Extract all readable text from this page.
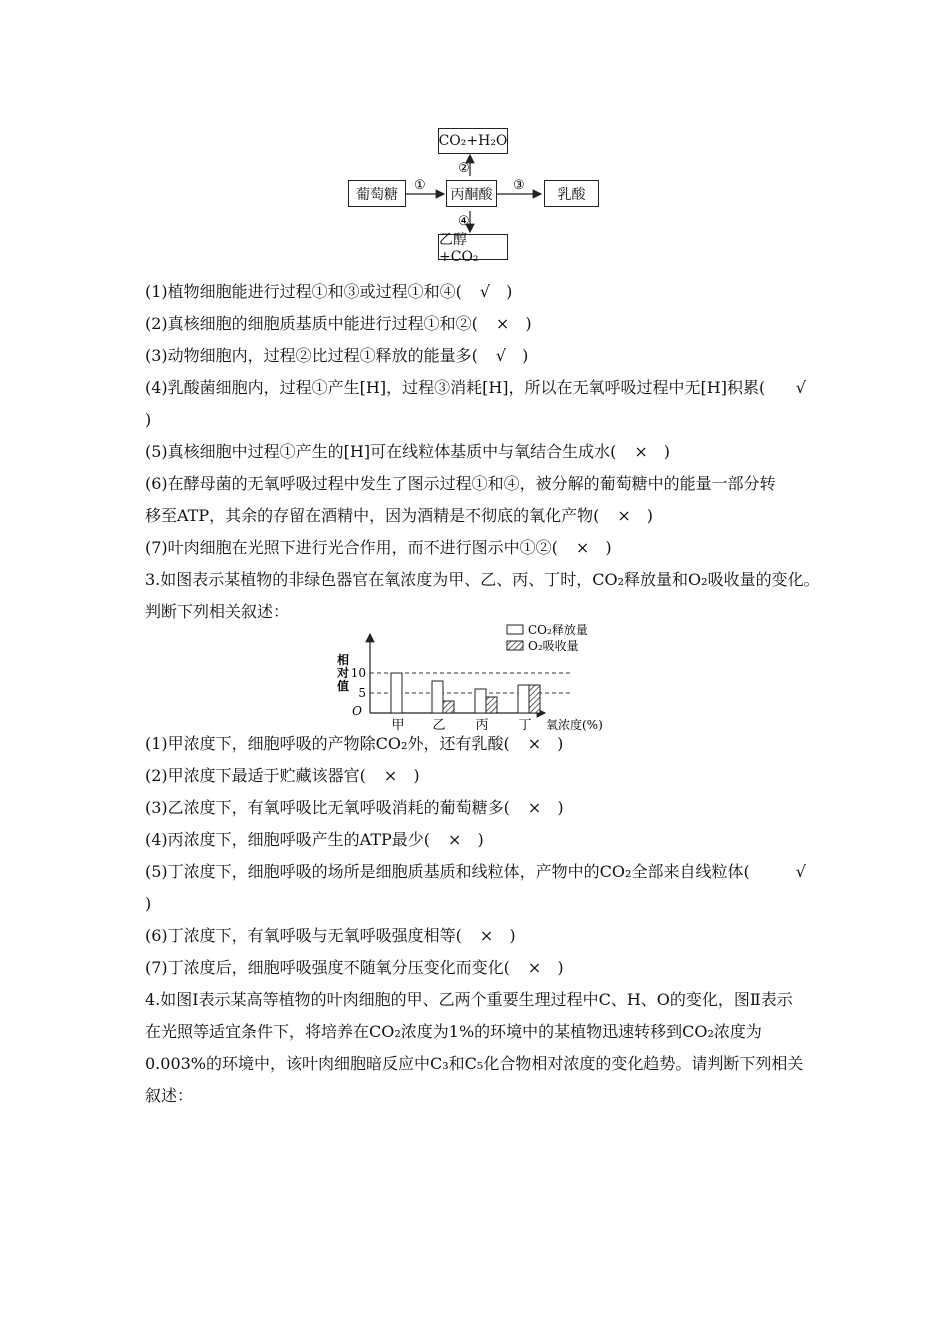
②
①	③
④
CO₂+H₂O
葡萄糖	丙酮酸	乳酸
乙醇 +CO₂
(1)植物细胞能进行过程①和③或过程①和④( √ )
(2)真核细胞的细胞质基质中能进行过程①和②( × )
(3)动物细胞内，过程②比过程①释放的能量多( √ )
(4)乳酸菌细胞内，过程①产生[H]，过程③消耗[H]，所以在无氧呼吸过程中无[H]积累( √
)
(5)真核细胞中过程①产生的[H]可在线粒体基质中与氧结合生成水( × )
(6)在酵母菌的无氧呼吸过程中发生了图示过程①和④，被分解的葡萄糖中的能量一部分转
移至ATP，其余的存留在酒精中，因为酒精是不彻底的氧化产物( × )
(7)叶肉细胞在光照下进行光合作用，而不进行图示中①②( × )
3.如图表示某植物的非绿色器官在氧浓度为甲、乙、丙、丁时，CO₂释放量和O₂吸收量的变化。
判断下列相关叙述：
5
10
O
相
对
值
甲 乙 丙 丁 氧浓度(%)
CO₂释放量
O₂吸收量
(1)甲浓度下，细胞呼吸的产物除CO₂外，还有乳酸( × )
(2)甲浓度下最适于贮藏该器官( × )
(3)乙浓度下，有氧呼吸比无氧呼吸消耗的葡萄糖多( × )
(4)丙浓度下，细胞呼吸产生的ATP最少( × )
(5)丁浓度下，细胞呼吸的场所是细胞质基质和线粒体，产物中的CO₂全部来自线粒体(	√
)
(6)丁浓度下，有氧呼吸与无氧呼吸强度相等( × )
(7)丁浓度后，细胞呼吸强度不随氧分压变化而变化( × )
4.如图Ⅰ表示某高等植物的叶肉细胞的甲、乙两个重要生理过程中C、H、O的变化，图Ⅱ表示
在光照等适宜条件下，将培养在CO₂浓度为1%的环境中的某植物迅速转移到CO₂浓度为
0.003%的环境中，该叶肉细胞暗反应中C₃和C₅化合物相对浓度的变化趋势。请判断下列相关
叙述：
